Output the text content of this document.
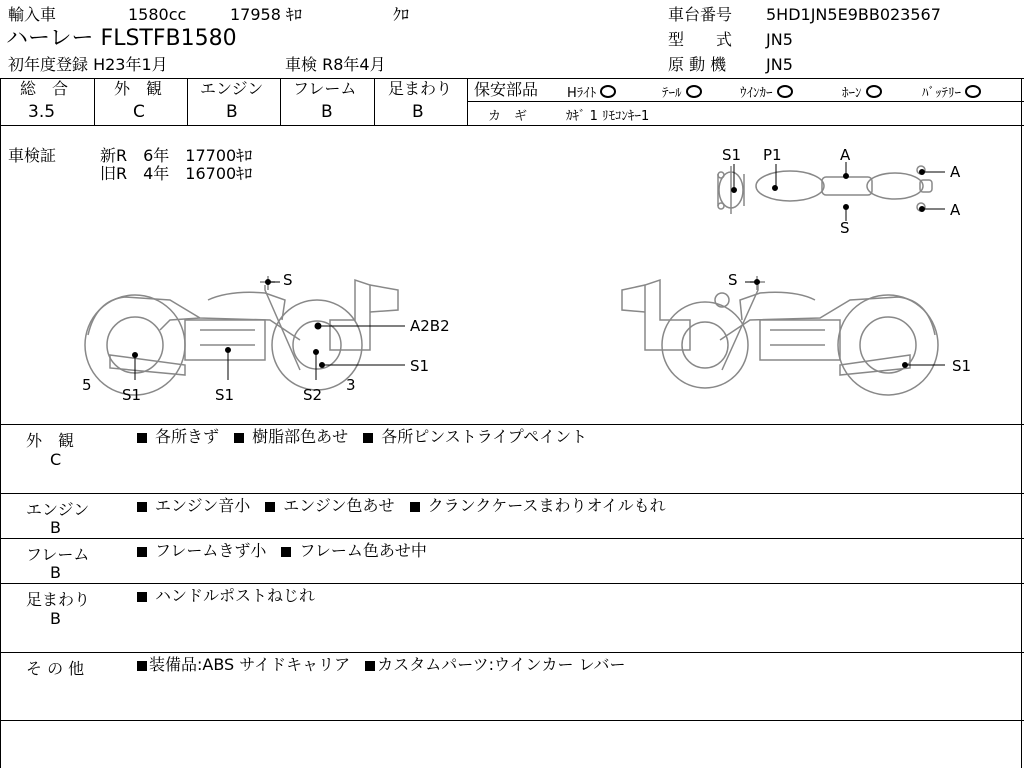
輸入車	1580cc	17958 ｷﾛ	ｸﾛ
ハーレー FLSTFB1580
初年度登録 H23年1月	車検 R8年4月
車台番号 5HD1JN5E9BB023567
型　　式 JN5
原 動 機 JN5
総　合	外　観 エンジン フレーム 足まわり
3.5	C	B	B	B
保安部品 Hﾗｲﾄ	ﾃｰﾙ	ｳｲﾝｶｰ	ﾎｰﾝ	ﾊﾞｯﾃﾘｰ
カ　ギ	ｶｷﾞ 1 ﾘﾓｺﾝｷｰ1
車検証	新R　6年　17700ｷﾛ
旧R　4年　16700ｷﾛ
S1 P1	A
A
A
S
S
A2B2
S1
5
S1	S1	S2
3
S
S1
外　観
C
各所きず 樹脂部色あせ 各所ピンストライプペイント
エンジン
B
エンジン音小 エンジン色あせ クランクケースまわりオイルもれ
フレーム
B
フレームきず小 フレーム色あせ中
足まわり
B
ハンドルポストねじれ
そ の 他	装備品:ABS サイドキャリア カスタムパーツ:ウインカー レバー
